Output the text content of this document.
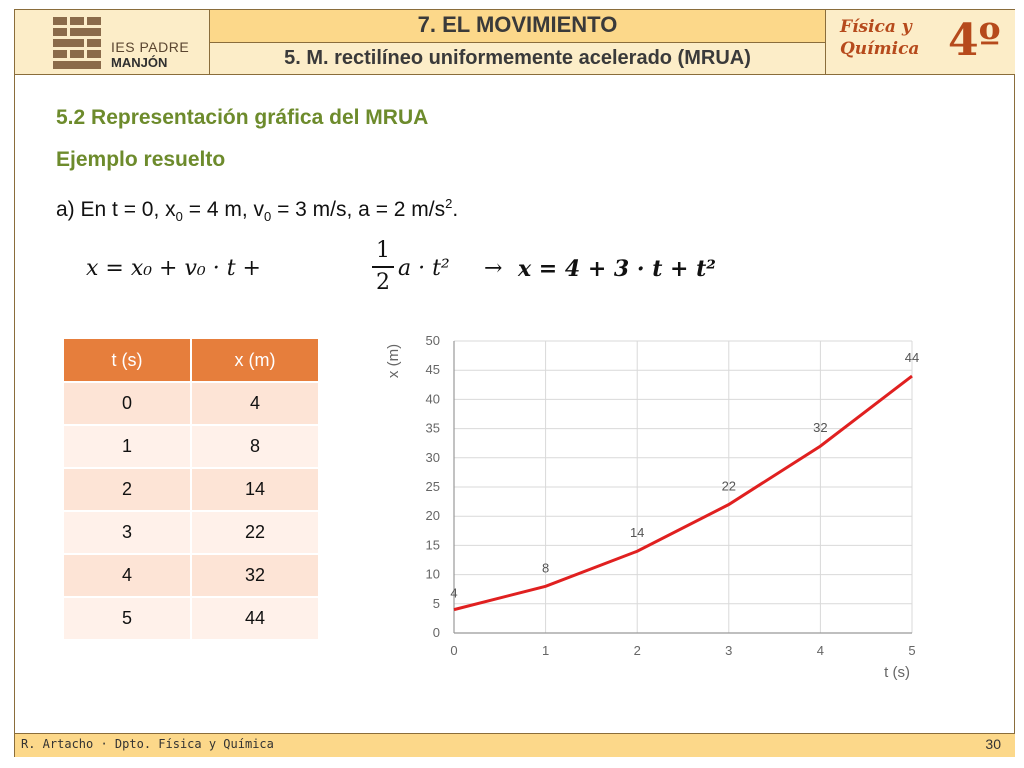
IES PADRE
MANJÓN
7. EL MOVIMIENTO
5. M. rectilíneo uniformemente acelerado (MRUA)
Física y
Química 4º
5.2 Representación gráfica del MRUA
Ejemplo resuelto
a) En t = 0, $x_0 = 4$ m, $v_0 = 3$ m/s, a = 2 $m/s^2$.
x = x₀ + v₀ · t +
1
2
a · t² → x = 4 + 3 · t + t²
t (s)	x (m)
0	4
1	8
2	14
3	22
4	32
5	44
0
5
10
15
20
25
30
35
40
45
50
0	1	2	3	4	5
x (m)
t (s)
4
8
14
22
32
44
R. Artacho · Dpto. Física y Química	30
